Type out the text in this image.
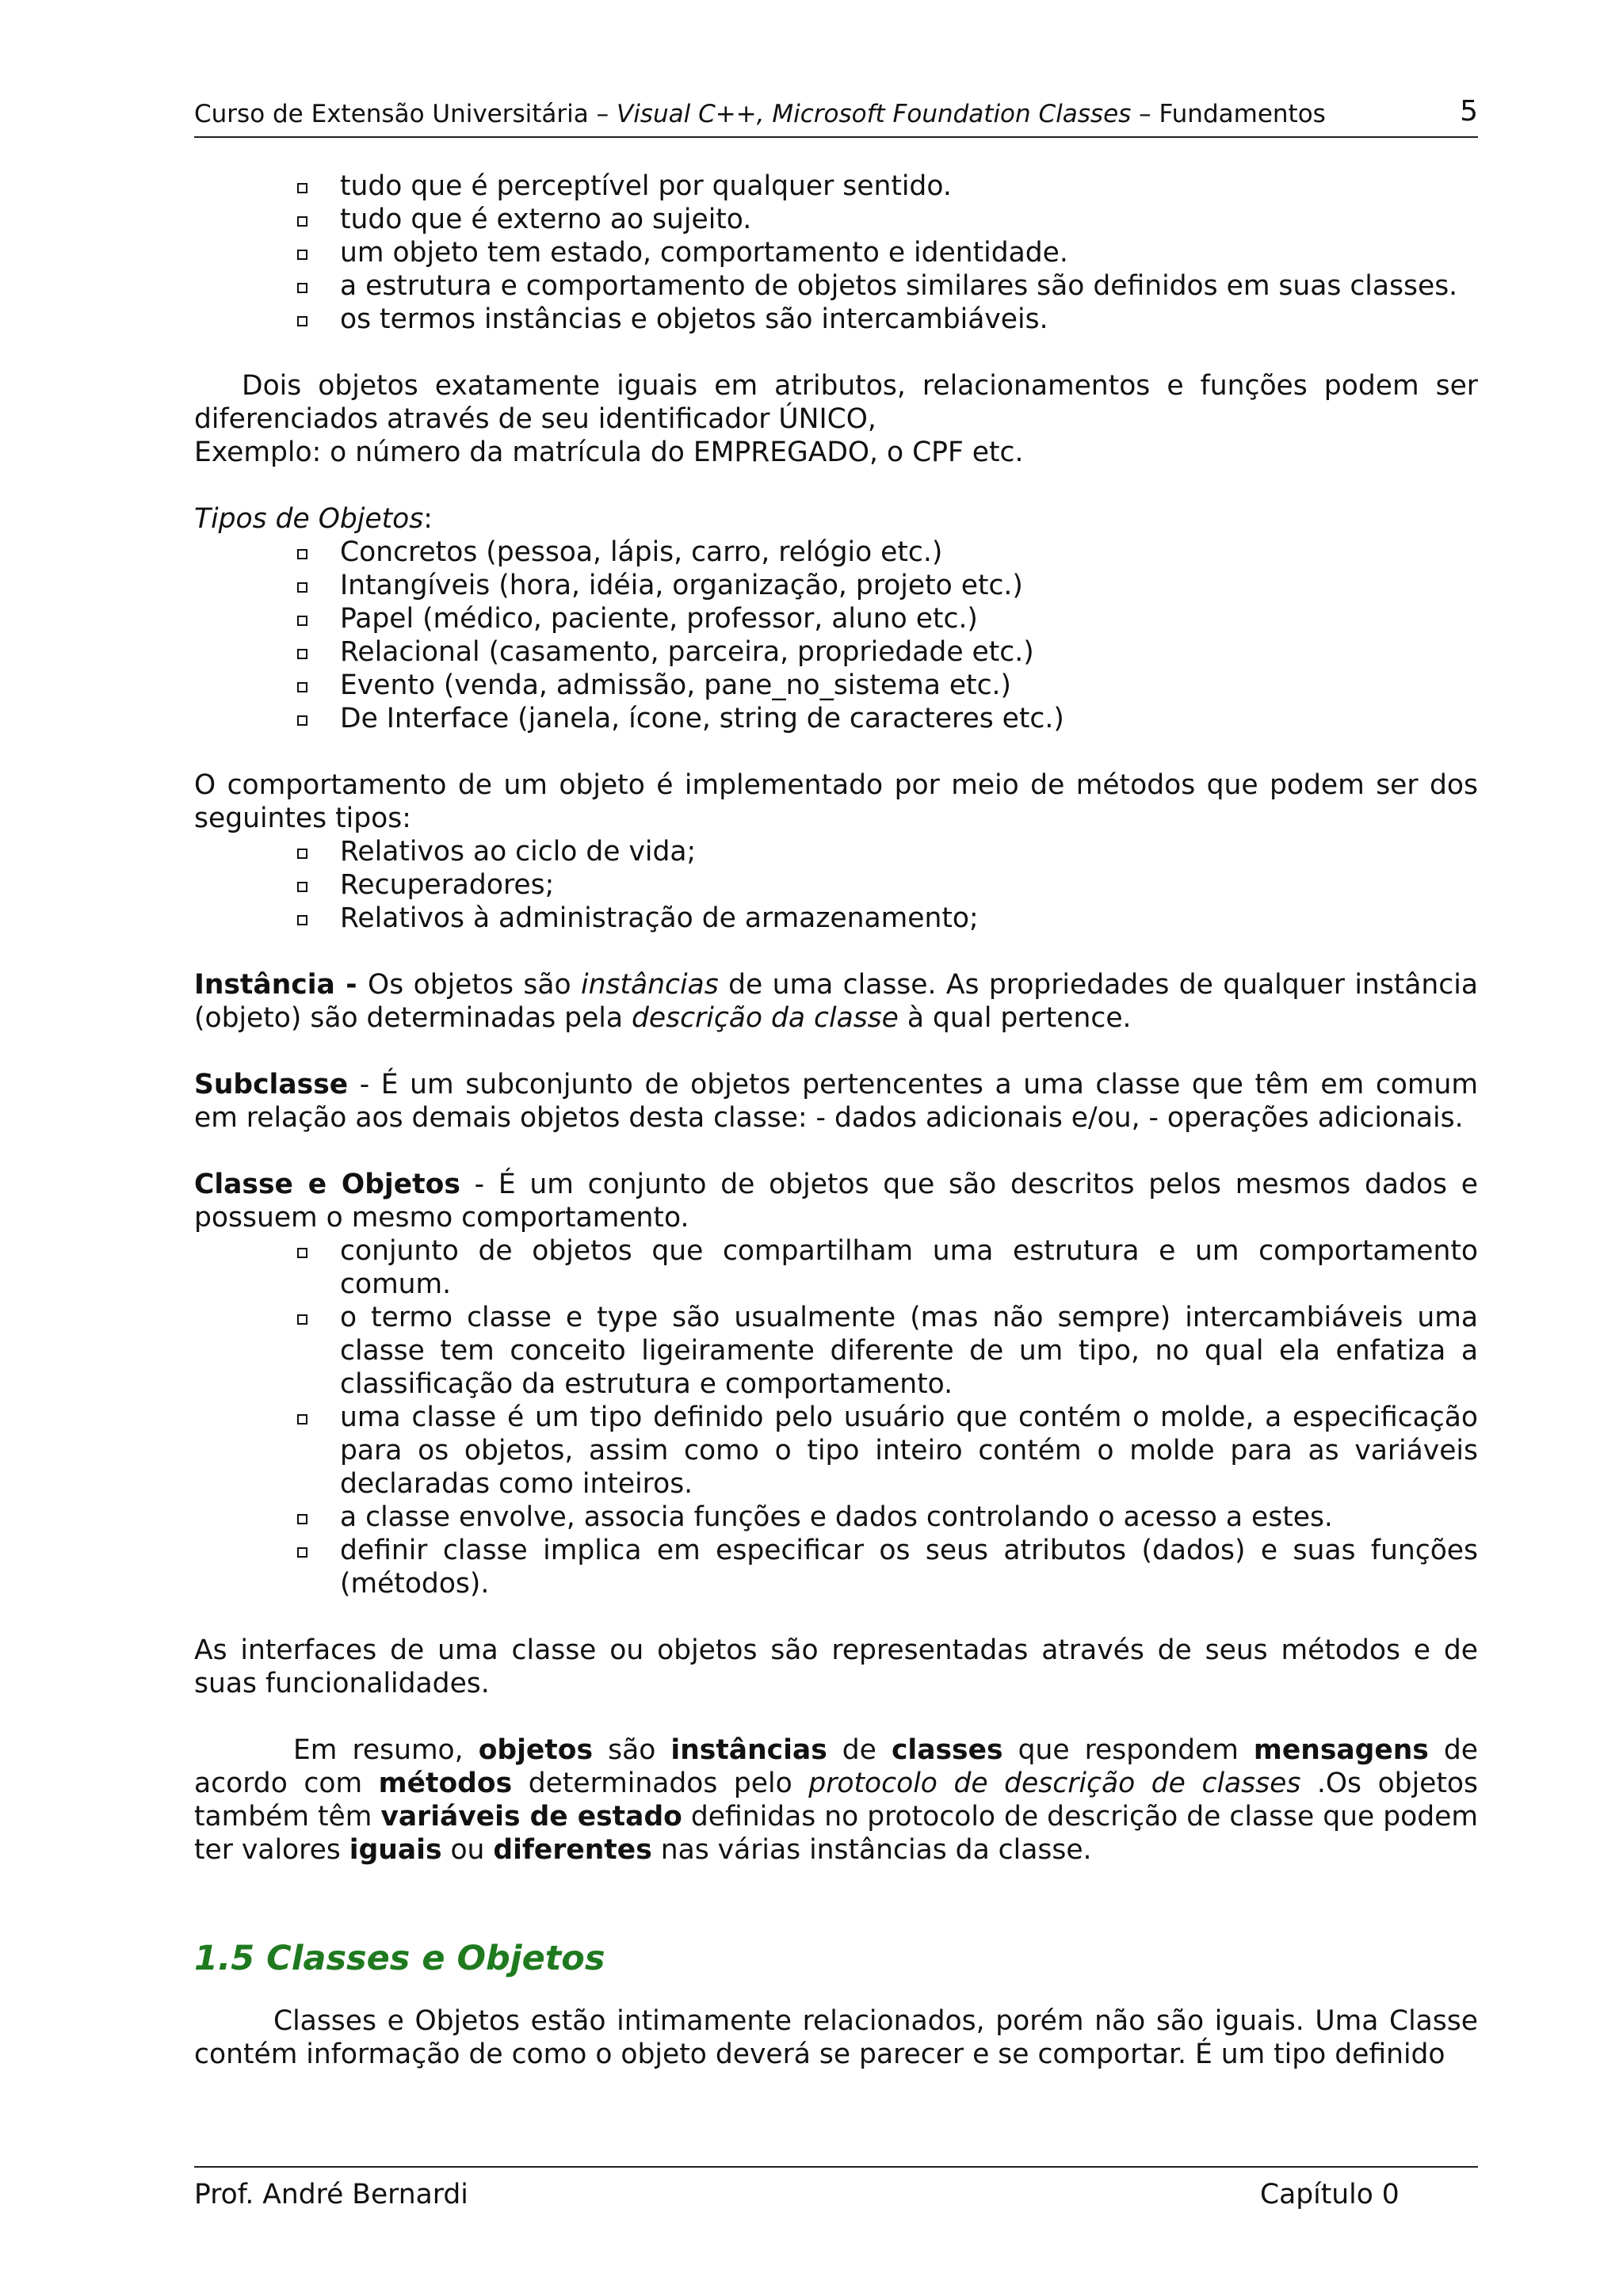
Curso de Extensão Universitária – Visual C++, Microsoft Foundation Classes – Fundamentos	5
tudo que é perceptível por qualquer sentido.
tudo que é externo ao sujeito.
um objeto tem estado, comportamento e identidade.
a estrutura e comportamento de objetos similares são definidos em suas classes.
os termos instâncias e objetos são intercambiáveis.

Dois objetos exatamente iguais em atributos, relacionamentos e funções podem ser diferenciados através de seu identificador ÚNICO,

Exemplo: o número da matrícula do EMPREGADO, o CPF etc.

Tipos de Objetos:

Concretos (pessoa, lápis, carro, relógio etc.)
Intangíveis (hora, idéia, organização, projeto etc.)
Papel (médico, paciente, professor, aluno etc.)
Relacional (casamento, parceira, propriedade etc.)
Evento (venda, admissão, pane_no_sistema etc.)
De Interface (janela, ícone, string de caracteres etc.)

O comportamento de um objeto é implementado por meio de métodos que podem ser dos seguintes tipos:

Relativos ao ciclo de vida;
Recuperadores;
Relativos à administração de armazenamento;

Instância - Os objetos são instâncias de uma classe. As propriedades de qualquer instância (objeto) são determinadas pela descrição da classe à qual pertence.

Subclasse - É um subconjunto de objetos pertencentes a uma classe que têm em comum em relação aos demais objetos desta classe: - dados adicionais e/ou, - operações adicionais.

Classe e Objetos - É um conjunto de objetos que são descritos pelos mesmos dados e possuem o mesmo comportamento.

conjunto de objetos que compartilham uma estrutura e um comportamento comum.
o termo classe e type são usualmente (mas não sempre) intercambiáveis uma classe tem conceito ligeiramente diferente de um tipo, no qual ela enfatiza a classificação da estrutura e comportamento.
uma classe é um tipo definido pelo usuário que contém o molde, a especificação para os objetos, assim como o tipo inteiro contém o molde para as variáveis declaradas como inteiros.
a classe envolve, associa funções e dados controlando o acesso a estes.
definir classe implica em especificar os seus atributos (dados) e suas funções (métodos).

As interfaces de uma classe ou objetos são representadas através de seus métodos e de suas funcionalidades.

Em resumo, objetos são instâncias de classes que respondem mensagens de acordo com métodos determinados pelo protocolo de descrição de classes .Os objetos também têm variáveis de estado definidas no protocolo de descrição de classe que podem ter valores iguais ou diferentes nas várias instâncias da classe.

1.5 Classes e Objetos

Classes e Objetos estão intimamente relacionados, porém não são iguais. Uma Classe contém informação de como o objeto deverá se parecer e se comportar. É um tipo definido

Prof. André Bernardi	Capítulo 0
